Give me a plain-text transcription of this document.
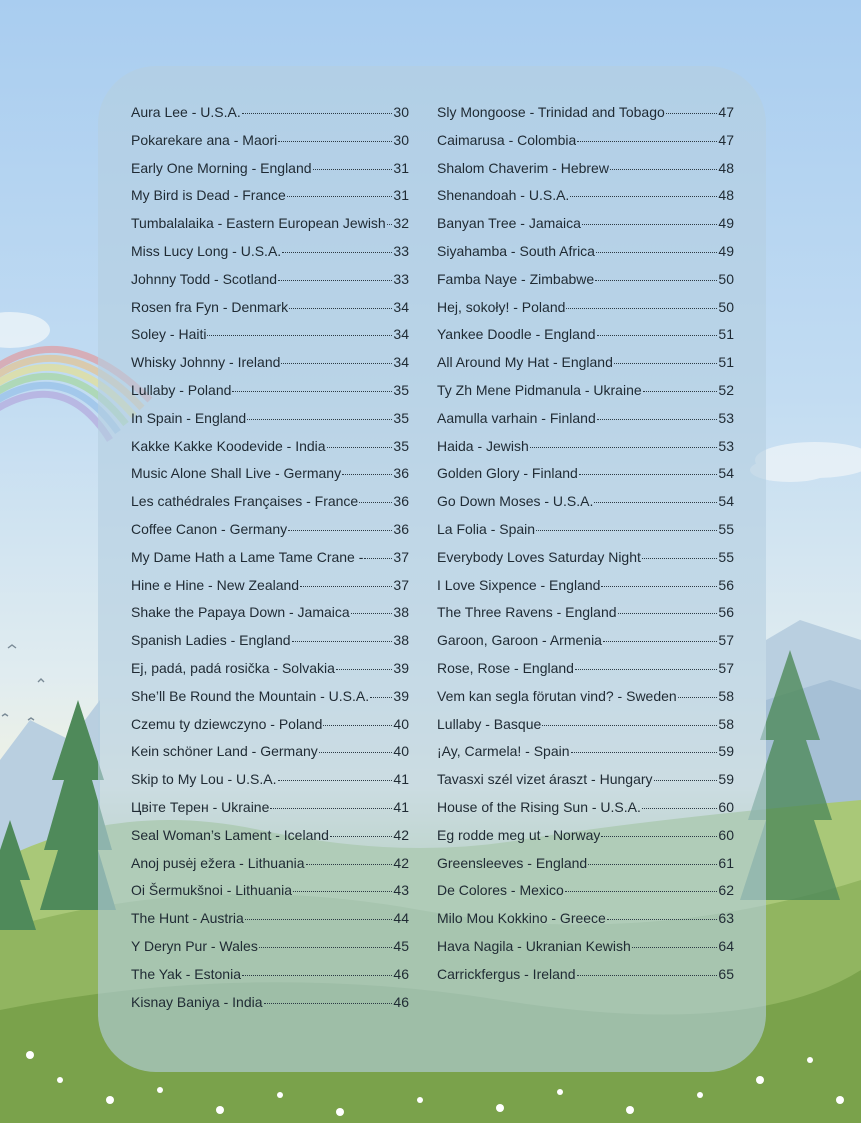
Aura Lee - U.S.A.	30
Pokarekare ana - Maori	30
Early One Morning - England	31
My Bird is Dead - France	31
Tumbalalaika - Eastern European Jewish 32
Miss Lucy Long - U.S.A.	33
Johnny Todd - Scotland	33
Rosen fra Fyn - Denmark	34
Soley - Haiti	34
Whisky Johnny - Ireland	34
Lullaby - Poland	35
In Spain - England	35
Kakke Kakke Koodevide - India	35
Music Alone Shall Live - Germany	36
Les cathédrales Françaises - France	36
Coffee Canon - Germany	36
My Dame Hath a Lame Tame Crane - 37
Hine e Hine - New Zealand	37
Shake the Papaya Down - Jamaica	38
Spanish Ladies - England	38
Ej, padá, padá rosička - Solvakia	39
She’ll Be Round the Mountain - U.S.A. 39
Czemu ty dziewczyno - Poland	40
Kein schöner Land - Germany	40
Skip to My Lou - U.S.A.	41
Цвіте Терен - Ukraine	41
Seal Woman’s Lament - Iceland	42
Anoj pusėj ežera - Lithuania	42
Oi Šermukšnoi - Lithuania	43
The Hunt - Austria	44
Y Deryn Pur - Wales	45
The Yak - Estonia	46
Kisnay Baniya - India	46
Sly Mongoose - Trinidad and Tobago	47
Caimarusa - Colombia	47
Shalom Chaverim - Hebrew	48
Shenandoah - U.S.A.	48
Banyan Tree - Jamaica	49
Siyahamba - South Africa	49
Famba Naye - Zimbabwe	50
Hej, sokoły! - Poland	50
Yankee Doodle - England	51
All Around My Hat - England	51
Ty Zh Mene Pidmanula - Ukraine	52
Aamulla varhain - Finland	53
Haida - Jewish	53
Golden Glory - Finland	54
Go Down Moses - U.S.A.	54
La Folia - Spain	55
Everybody Loves Saturday Night	55
I Love Sixpence - England	56
The Three Ravens - England	56
Garoon, Garoon - Armenia	57
Rose, Rose - England	57
Vem kan segla förutan vind? - Sweden	58
Lullaby - Basque	58
¡Ay, Carmela! - Spain	59
Tavasxi szél vizet áraszt - Hungary	59
House of the Rising Sun - U.S.A.	60
Eg rodde meg ut - Norway	60
Greensleeves - England	61
De Colores - Mexico	62
Milo Mou Kokkino - Greece	63
Hava Nagila - Ukranian Kewish	64
Carrickfergus - Ireland	65
